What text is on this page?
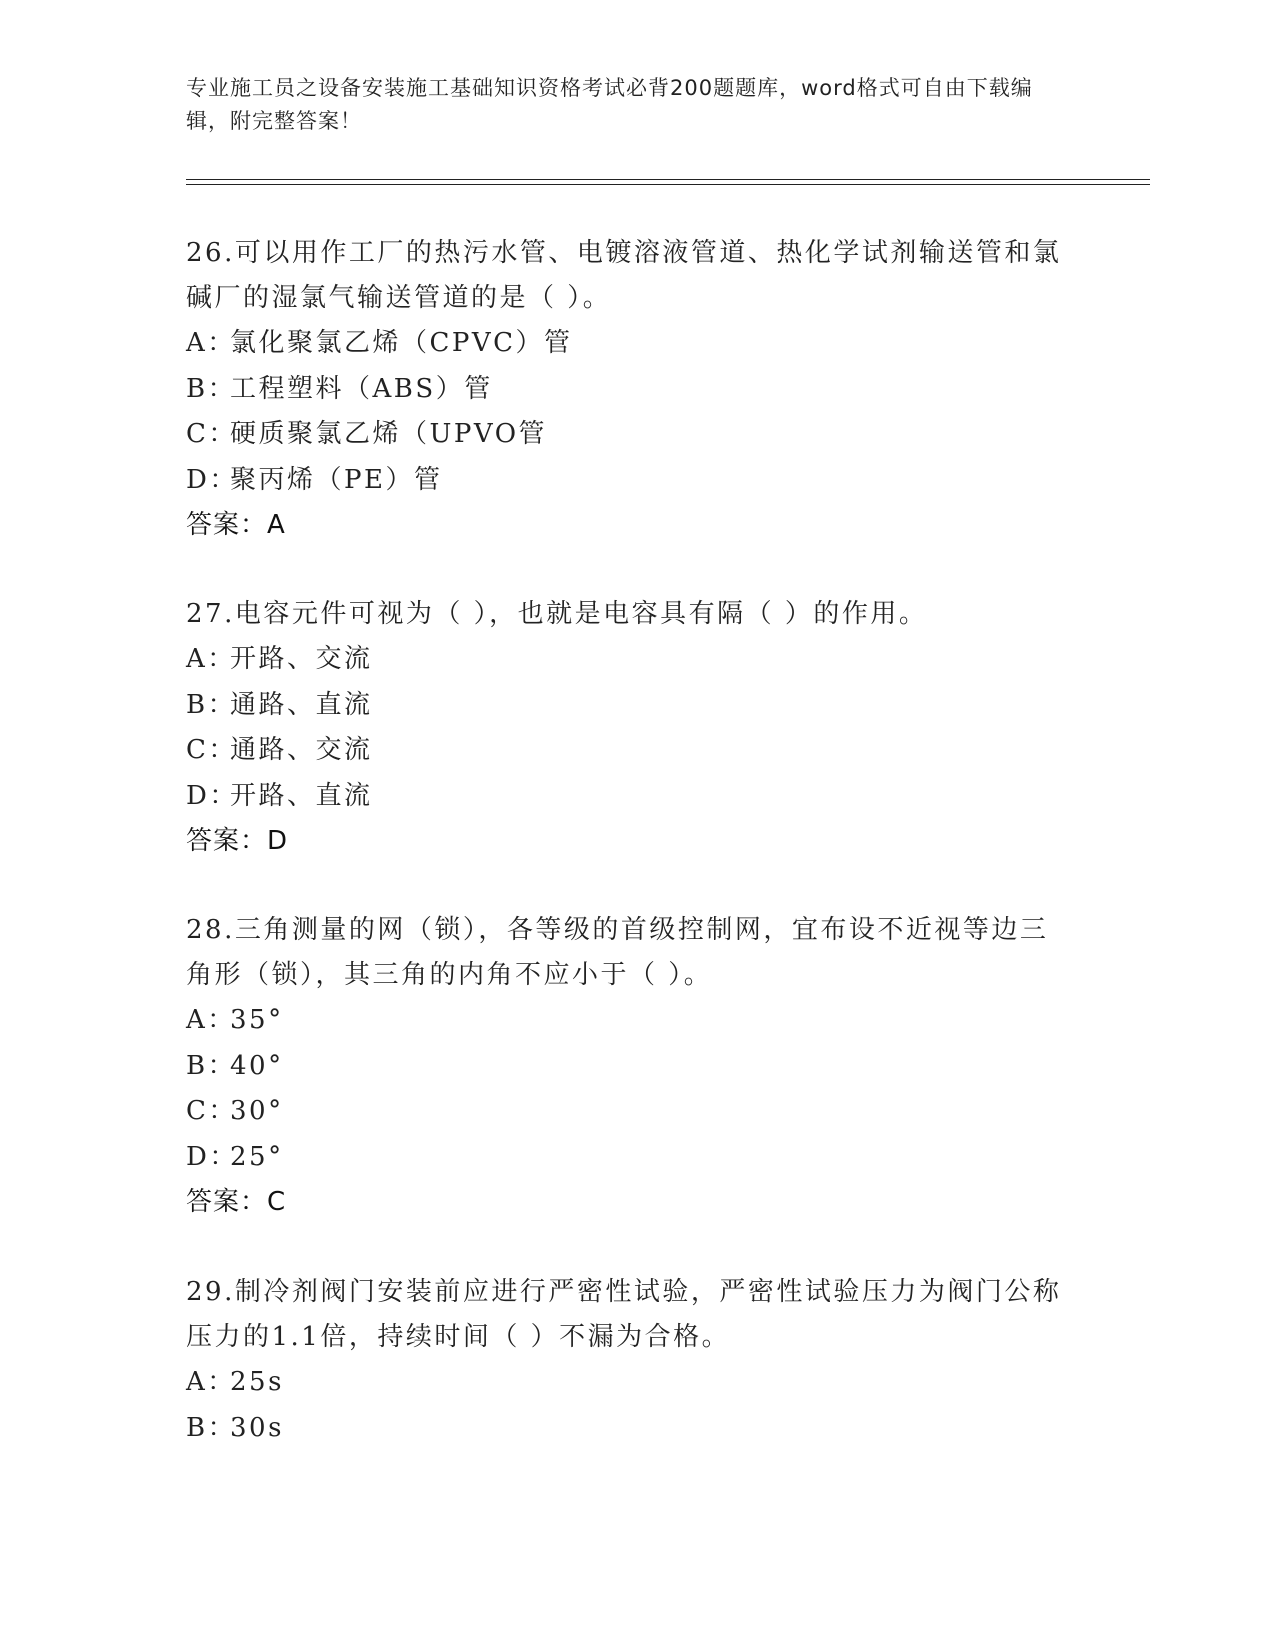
专业施工员之设备安装施工基础知识资格考试必背200题题库，word格式可自由下载编辑，附完整答案！

26.可以用作工厂的热污水管、电镀溶液管道、热化学试剂输送管和氯碱厂的湿氯气输送管道的是（ ）。

A：氯化聚氯乙烯（CPVC）管

B：工程塑料（ABS）管

C：硬质聚氯乙烯（UPVO管

D：聚丙烯（PE）管

答案：A

27.电容元件可视为（ ），也就是电容具有隔（ ）的作用。

A：开路、交流

B：通路、直流

C：通路、交流

D：开路、直流

答案：D

28.三角测量的网（锁），各等级的首级控制网，宜布设不近视等边三角形（锁），其三角的内角不应小于（ ）。

A：35°

B：40°

C：30°

D：25°

答案：C

29.制冷剂阀门安装前应进行严密性试验，严密性试验压力为阀门公称压力的1.1倍，持续时间（ ）不漏为合格。

A：25s

B：30s
